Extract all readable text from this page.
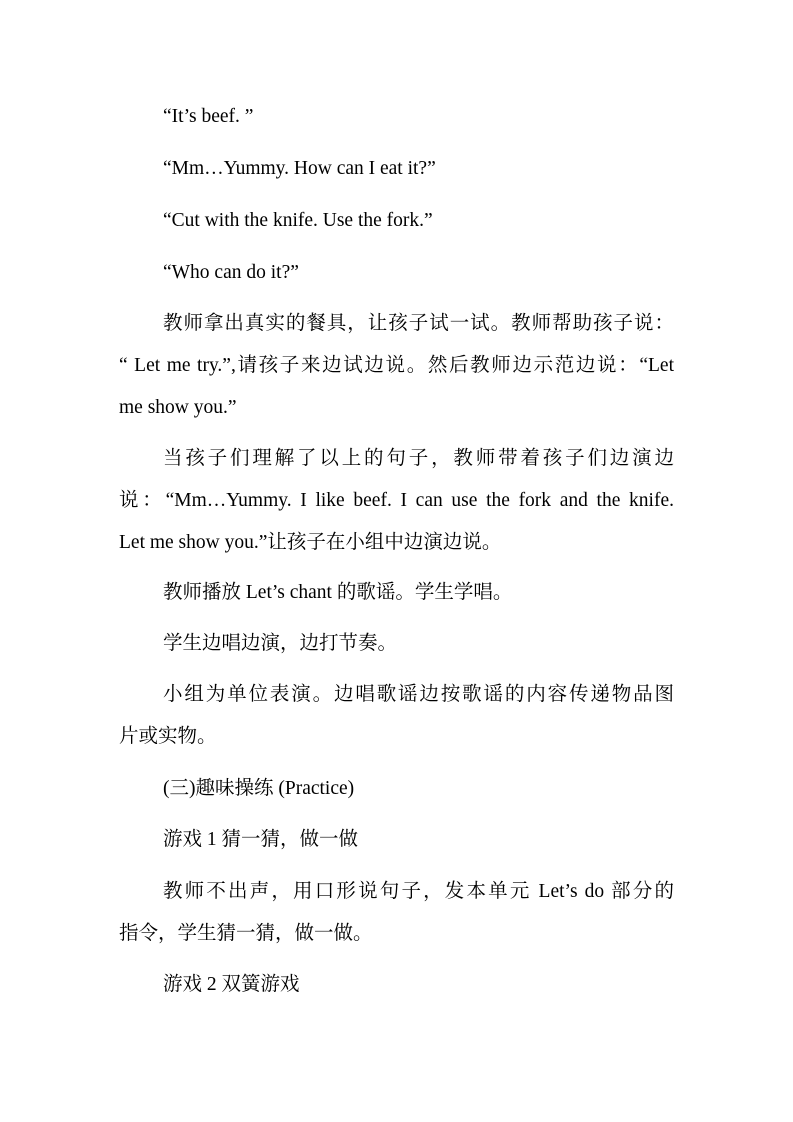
“It’s beef. ”
“Mm…Yummy. How can I eat it?”
“Cut with the knife. Use the fork.”
“Who can do it?”
教师拿出真实的餐具，让孩子试一试。教师帮助孩子说：
“ Let me try.”,请孩子来边试边说。然后教师边示范边说：“Let
me show you.”
当孩子们理解了以上的句子，教师带着孩子们边演边
说：“Mm…Yummy. I like beef. I can use the fork and the knife.
Let me show you.”让孩子在小组中边演边说。
教师播放 Let’s chant 的歌谣。学生学唱。
学生边唱边演，边打节奏。
小组为单位表演。边唱歌谣边按歌谣的内容传递物品图
片或实物。
(三)趣味操练 (Practice)
游戏 1 猜一猜，做一做
教师不出声，用口形说句子，发本单元 Let’s do 部分的
指令，学生猜一猜，做一做。
游戏 2 双簧游戏
